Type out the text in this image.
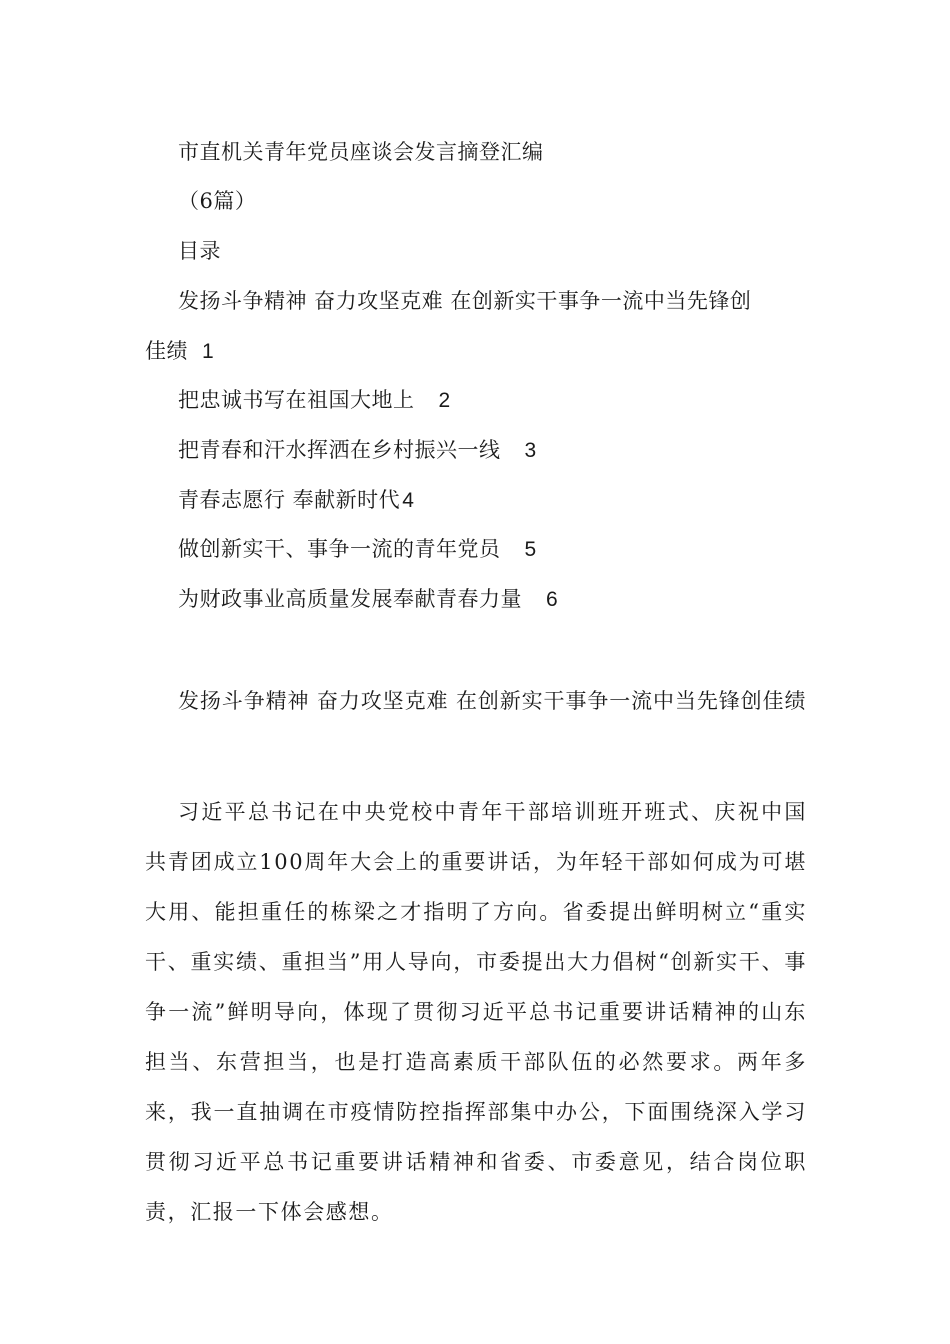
市直机关青年党员座谈会发言摘登汇编
（6篇）
目录
发扬斗争精神 奋力攻坚克难 在创新实干事争一流中当先锋创
佳绩 1
把忠诚书写在祖国大地上 2
把青春和汗水挥洒在乡村振兴一线 3
青春志愿行 奉献新时代4
做创新实干、事争一流的青年党员 5
为财政事业高质量发展奉献青春力量 6
发扬斗争精神 奋力攻坚克难 在创新实干事争一流中当先锋创佳绩
习近平总书记在中央党校中青年干部培训班开班式、庆祝中国共青团成立100周年大会上的重要讲话，为年轻干部如何成为可堪大用、能担重任的栋梁之才指明了方向。省委提出鲜明树立“重实干、重实绩、重担当”用人导向，市委提出大力倡树“创新实干、事争一流”鲜明导向，体现了贯彻习近平总书记重要讲话精神的山东担当、东营担当，也是打造高素质干部队伍的必然要求。两年多来，我一直抽调在市疫情防控指挥部集中办公，下面围绕深入学习贯彻习近平总书记重要讲话精神和省委、市委意见，结合岗位职责，汇报一下体会感想。
